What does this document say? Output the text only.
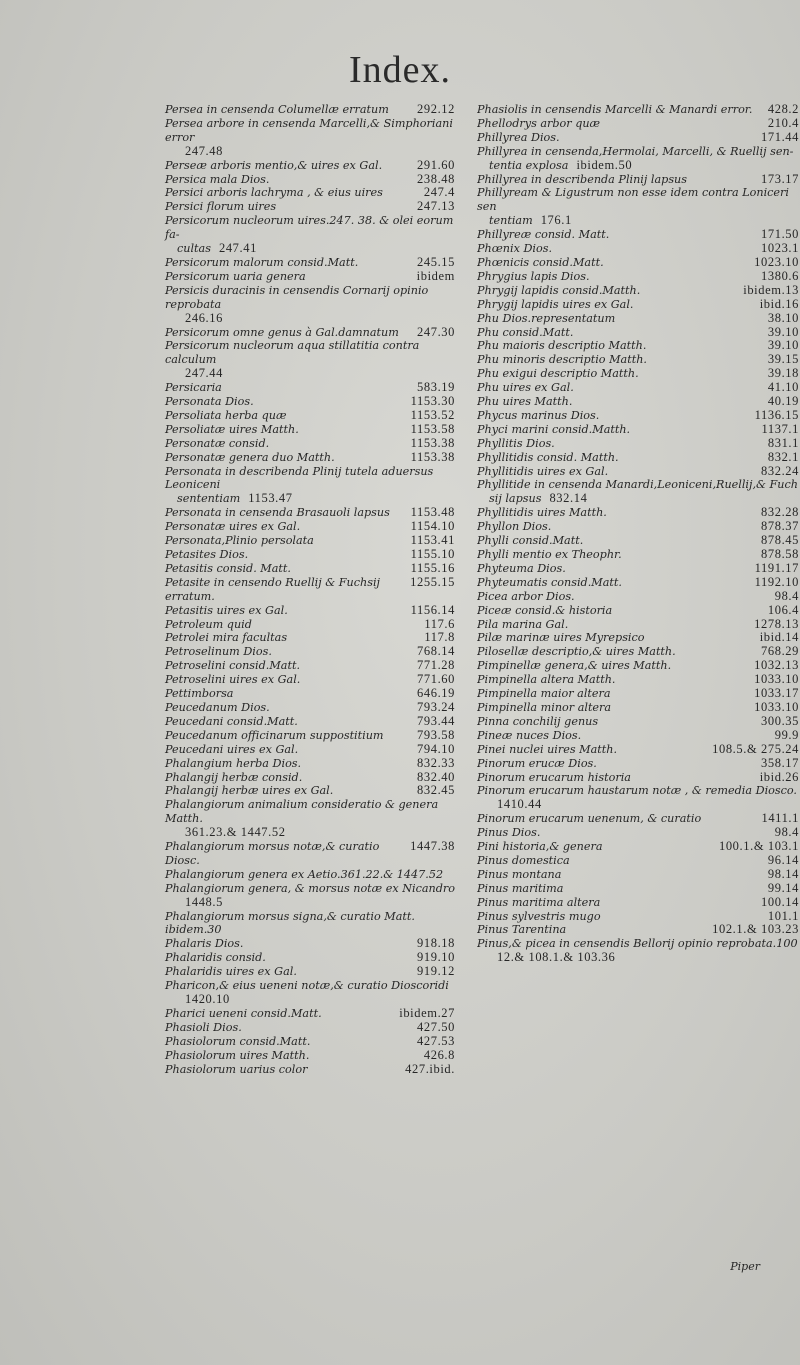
Index.
Persea in censenda Columellæ erratum	292.12
Persea arbore in censenda Marcelli,& Simphoriani error
247.48
Perseæ arboris mentio,& uires ex Gal.	291.60
Persica mala Dios.	238.48
Persici arboris lachryma , & eius uires	247.4
Persici florum uires	247.13
Persicorum nucleorum uires.247. 38. & olei eorum fa-
cultas 247.41
Persicorum malorum consid.Matt.	245.15
Persicorum uaria genera	ibidem
Persicis duracinis in censendis Cornarij opinio reprobata
246.16
Persicorum omne genus à Gal.damnatum	247.30
Persicorum nucleorum aqua stillatitia contra calculum
247.44
Persicaria	583.19
Personata Dios.	1153.30
Persoliata herba quæ	1153.52
Persoliatæ uires Matth.	1153.58
Personatæ consid.	1153.38
Personatæ genera duo Matth.	1153.38
Personata in describenda Plinij tutela aduersus Leoniceni
sententiam 1153.47
Personata in censenda Brasauoli lapsus	1153.48
Personatæ uires ex Gal.	1154.10
Personata,Plinio persolata	1153.41
Petasites Dios.	1155.10
Petasitis consid. Matt.	1155.16
Petasite in censendo Ruellij & Fuchsij erratum.
1255.15
Petasitis uires ex Gal.	1156.14
Petroleum quid	117.6
Petrolei mira facultas	117.8
Petroselinum Dios.	768.14
Petroselini consid.Matt.	771.28
Petroselini uires ex Gal.	771.60
Pettimborsa	646.19
Peucedanum Dios.	793.24
Peucedani consid.Matt.	793.44
Peucedanum officinarum suppostitium	793.58
Peucedani uires ex Gal.	794.10
Phalangium herba Dios.	832.33
Phalangij herbæ consid.	832.40
Phalangij herbæ uires ex Gal.	832.45
Phalangiorum animalium consideratio & genera Matth.
361.23.& 1447.52
Phalangiorum morsus notæ,& curatio Diosc.
1447.38
Phalangiorum genera ex Aetio.361.22.& 1447.52
Phalangiorum genera, & morsus notæ ex Nicandro
1448.5
Phalangiorum morsus signa,& curatio Matt. ibidem.30
Phalaris Dios.	918.18
Phalaridis consid.	919.10
Phalaridis uires ex Gal.	919.12
Pharicon,& eius ueneni notæ,& curatio Dioscoridi
1420.10
Pharici ueneni consid.Matt.	ibidem.27
Phasioli Dios.	427.50
Phasiolorum consid.Matt.	427.53
Phasiolorum uires Matth.	426.8
Phasiolorum uarius color	427.ibid.
Phasiolis in censendis Marcelli & Manardi error.	428.2
Phellodrys arbor quæ	210.4
Phillyrea Dios.	171.44
Phillyrea in censenda,Hermolai, Marcelli, & Ruellij sen-
tentia explosa ibidem.50
Phillyrea in describenda Plinij lapsus	173.17
Phillyream & Ligustrum non esse idem contra Loniceri sen
tentiam 176.1
Phillyreæ consid. Matt.	171.50
Phœnix Dios.	1023.1
Phœnicis consid.Matt.	1023.10
Phrygius lapis Dios.	1380.6
Phrygij lapidis consid.Matth.	ibidem.13
Phrygij lapidis uires ex Gal.	ibid.16
Phu Dios.representatum	38.10
Phu consid.Matt.	39.10
Phu maioris descriptio Matth.	39.10
Phu minoris descriptio Matth.	39.15
Phu exigui descriptio Matth.	39.18
Phu uires ex Gal.	41.10
Phu uires Matth.	40.19
Phycus marinus Dios.	1136.15
Phyci marini consid.Matth.	1137.1
Phyllitis Dios.	831.1
Phyllitidis consid. Matth.	832.1
Phyllitidis uires ex Gal.	832.24
Phyllitide in censenda Manardi,Leoniceni,Ruellij,& Fuch
sij lapsus 832.14
Phyllitidis uires Matth.	832.28
Phyllon Dios.	878.37
Phylli consid.Matt.	878.45
Phylli mentio ex Theophr.	878.58
Phyteuma Dios.	1191.17
Phyteumatis consid.Matt.	1192.10
Picea arbor Dios.	98.4
Piceæ consid.& historia	106.4
Pila marina Gal.	1278.13
Pilæ marinæ uires Myrepsico	ibid.14
Pilosellæ descriptio,& uires Matth.	768.29
Pimpinellæ genera,& uires Matth.	1032.13
Pimpinella altera Matth.	1033.10
Pimpinella maior altera	1033.17
Pimpinella minor altera	1033.10
Pinna conchilij genus	300.35
Pineæ nuces Dios.	99.9
Pinei nuclei uires Matth.	108.5.& 275.24
Pinorum erucæ Dios.	358.17
Pinorum erucarum historia	ibid.26
Pinorum erucarum haustarum notæ , & remedia Diosco.
1410.44
Pinorum erucarum uenenum, & curatio	1411.1
Pinus Dios.	98.4
Pini historia,& genera	100.1.& 103.1
Pinus domestica	96.14
Pinus montana	98.14
Pinus maritima	99.14
Pinus maritima altera	100.14
Pinus sylvestris mugo	101.1
Pinus Tarentina	102.1.& 103.23
Pinus,& picea in censendis Bellorij opinio reprobata.100
12.& 108.1.& 103.36
Piper
